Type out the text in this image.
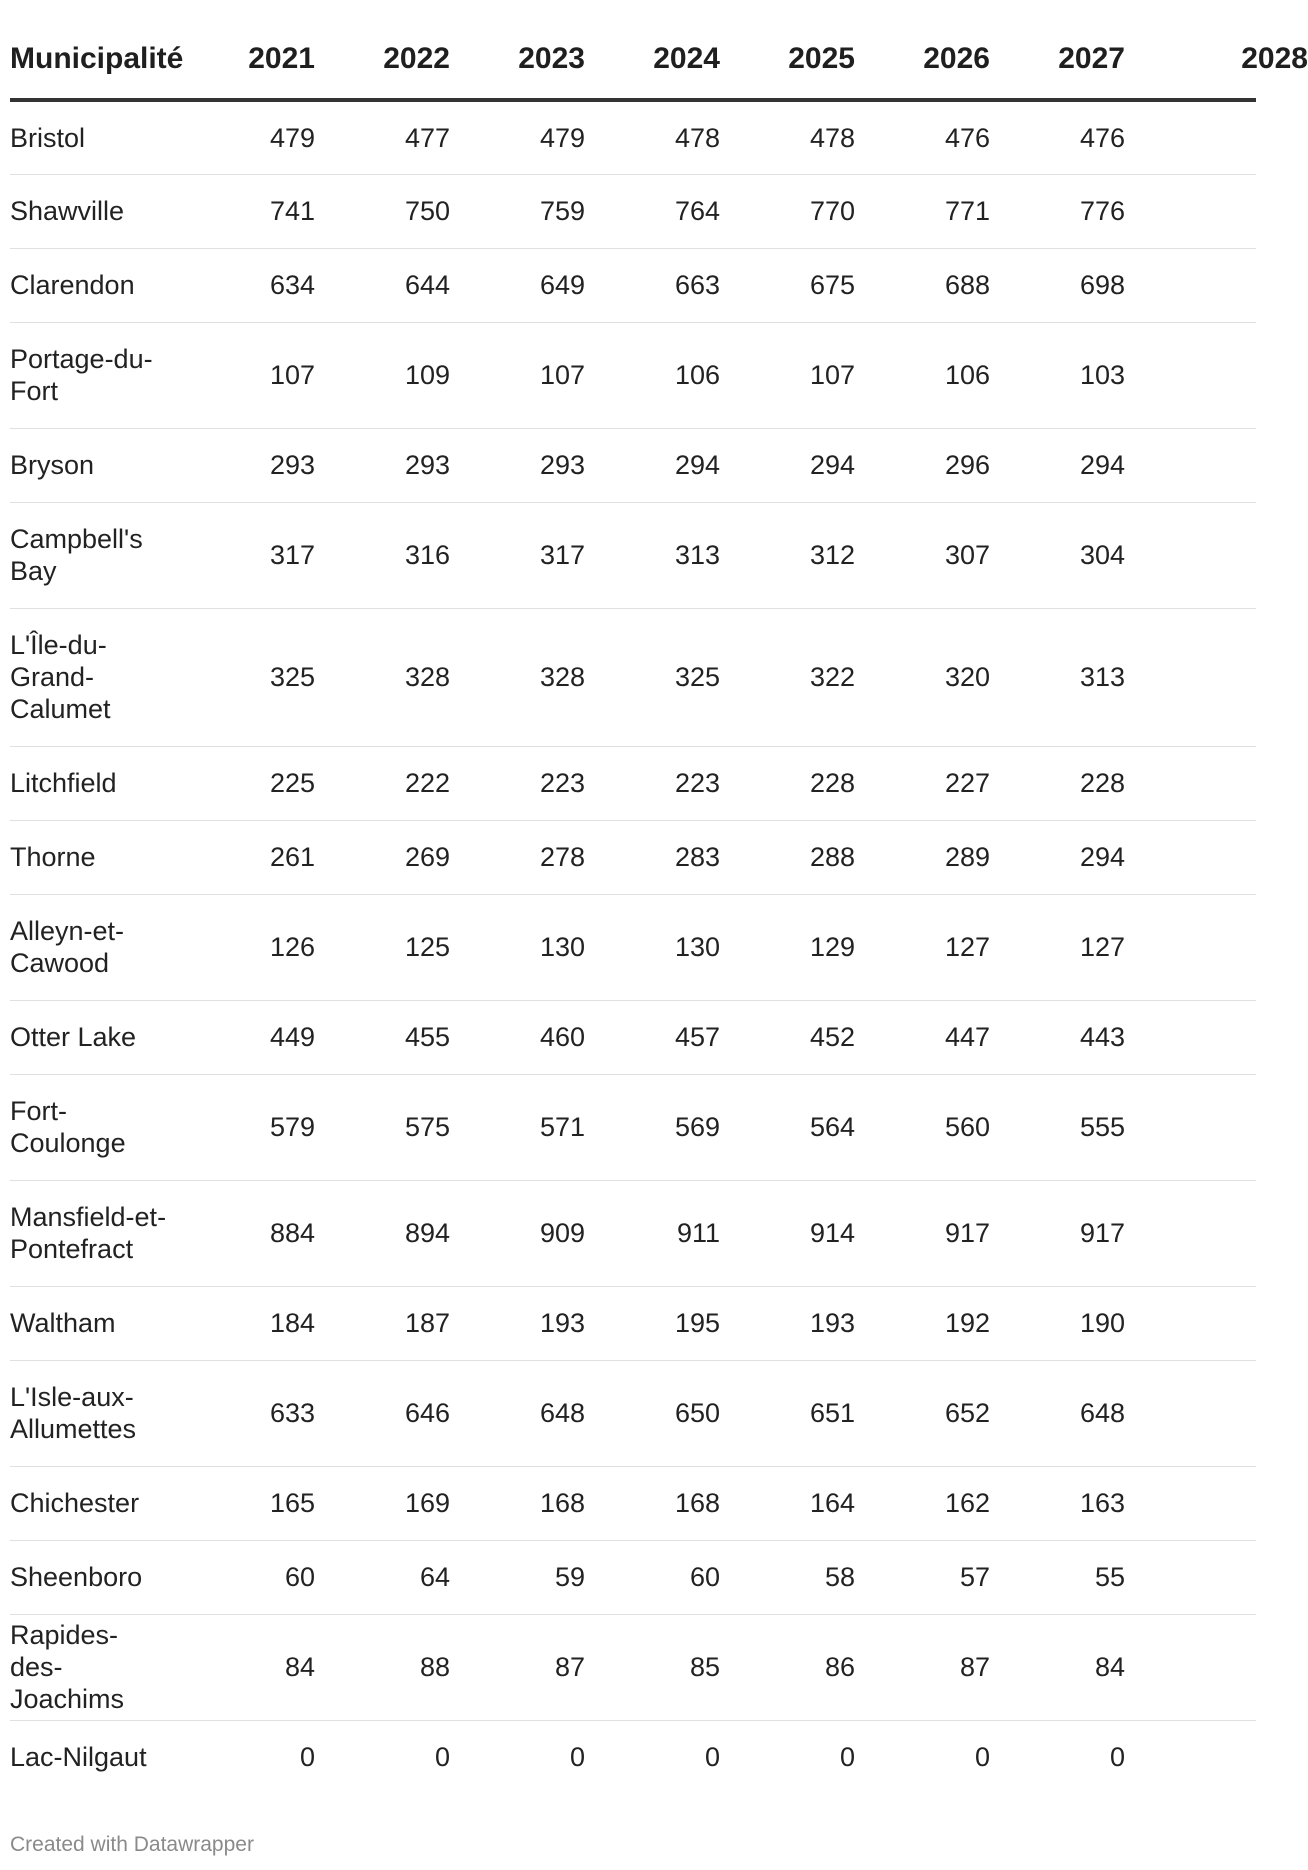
Municipalité	2021	2022	2023	2024	2025	2026	2027	2028
Bristol	479	477	479	478	478	476	476	
Shawville	741	750	759	764	770	771	776	
Clarendon	634	644	649	663	675	688	698	
Portage-du-Fort	107	109	107	106	107	106	103	
Bryson	293	293	293	294	294	296	294	
Campbell's Bay	317	316	317	313	312	307	304	
L'Île-du-Grand-Calumet	325	328	328	325	322	320	313	
Litchfield	225	222	223	223	228	227	228	
Thorne	261	269	278	283	288	289	294	
Alleyn-et-Cawood	126	125	130	130	129	127	127	
Otter Lake	449	455	460	457	452	447	443	
Fort-Coulonge	579	575	571	569	564	560	555	
Mansfield-et-Pontefract	884	894	909	911	914	917	917	
Waltham	184	187	193	195	193	192	190	
L'Isle-aux-Allumettes	633	646	648	650	651	652	648	
Chichester	165	169	168	168	164	162	163	
Sheenboro	60	64	59	60	58	57	55	
Rapides-des-Joachims	84	88	87	85	86	87	84	
Lac-Nilgaut	0	0	0	0	0	0	0	
Created with Datawrapper
